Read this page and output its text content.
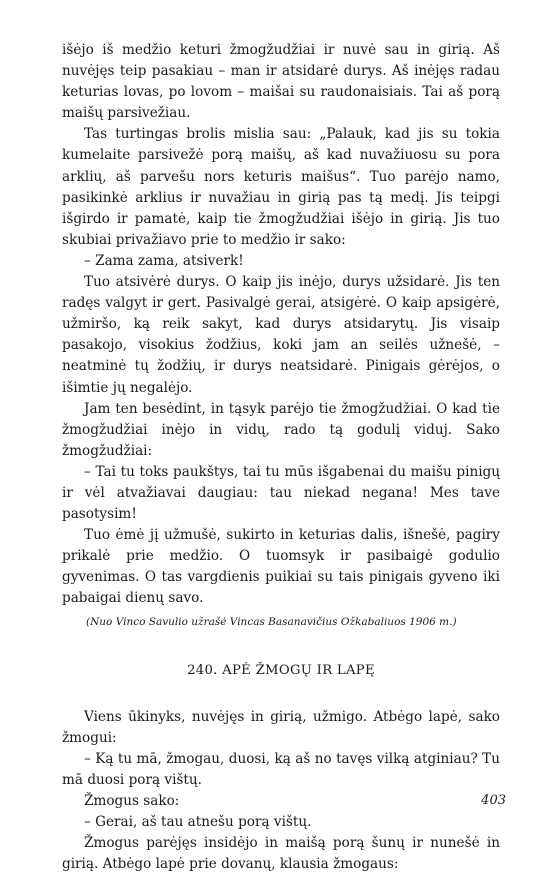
išėjo iš medžio keturi žmogžudžiai ir nuvė sau in girią. Aš nuvėjęs teip pasakiau – man ir atsidarė durys. Aš inėjęs radau keturias lovas, po lovom – maišai su raudonaisiais. Tai aš porą maišų parsivežiau.

Tas turtingas brolis mislia sau: „Palauk, kad jis su tokia kumelaite parsivežė porą maišų, aš kad nuvažiuosu su pora arklių, aš parvešu nors keturis maišus“. Tuo parėjo namo, pasikinkė arklius ir nuvažiau in girią pas tą medį. Jis teipgi išgirdo ir pamatė, kaip tie žmogžudžiai išėjo in girią. Jis tuo skubiai privažiavo prie to medžio ir sako:

– Zama zama, atsiverk!

Tuo atsivėrė durys. O kaip jis inėjo, durys užsidarė. Jis ten radęs valgyt ir gert. Pasivalgė gerai, atsigėrė. O kaip apsigėrė, užmiršo, ką reik sakyt, kad durys atsidarytų. Jis visaip pasakojo, visokius žodžius, koki jam an seilės užnešė, – neatminė tų žodžių, ir durys neatsidarė. Pinigais gėrėjos, o išimtie jų negalėjo.

Jam ten besėdint, in tąsyk parėjo tie žmogžudžiai. O kad tie žmogžudžiai inėjo in vidų, rado tą godulį viduj. Sako žmogžudžiai:

– Tai tu toks paukštys, tai tu mūs išgabenai du maišu pinigų ir vėl atvažiavai daugiau: tau niekad negana! Mes tave pasotysim!

Tuo ėmė jį užmušė, sukirto in keturias dalis, išnešė, pagiry prikalė prie medžio. O tuomsyk ir pasibaigė godulio gyvenimas. O tas vargdienis puikiai su tais pinigais gyveno iki pabaigai dienų savo.

(Nuo Vinco Savulio užrašė Vincas Basanavičius Ožkabaliuos 1906 m.)

240. APĖ ŽMOGŲ IR LAPĘ

Viens ūkinyks, nuvėjęs in girią, užmigo. Atbėgo lapė, sako žmogui:

– Ką tu mā, žmogau, duosi, ką aš no tavęs vilką atginiau? Tu mā duosi porą vištų.

Žmogus sako:

– Gerai, aš tau atnešu porą vištų.

Žmogus parėjęs insidėjo in maišą porą šunų ir nunešė in girią. Atbėgo lapė prie dovanų, klausia žmogaus:

403
